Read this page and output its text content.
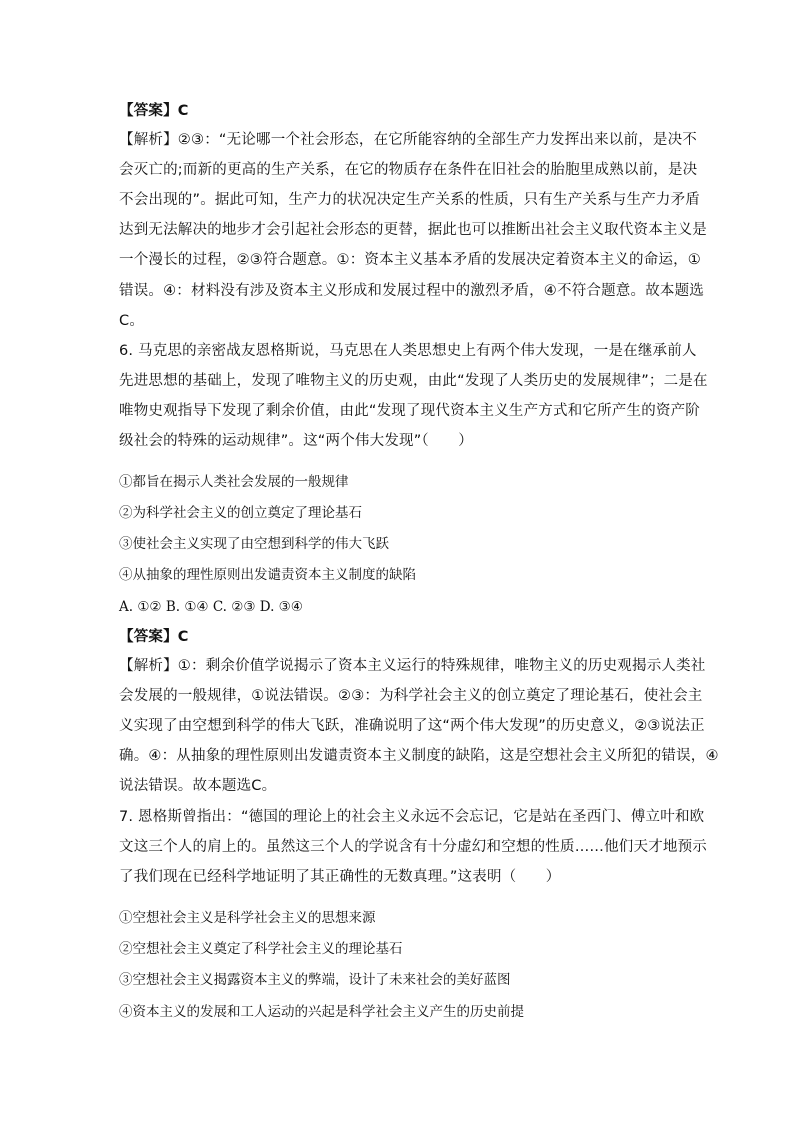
【答案】C
【解析】②③：“无论哪一个社会形态，在它所能容纳的全部生产力发挥出来以前，是决不
会灭亡的;而新的更高的生产关系，在它的物质存在条件在旧社会的胎胞里成熟以前，是决
不会出现的”。据此可知，生产力的状况决定生产关系的性质，只有生产关系与生产力矛盾
达到无法解决的地步才会引起社会形态的更替，据此也可以推断出社会主义取代资本主义是
一个漫长的过程，②③符合题意。①：资本主义基本矛盾的发展决定着资本主义的命运，①
错误。④：材料没有涉及资本主义形成和发展过程中的激烈矛盾，④不符合题意。故本题选
C。
6. 马克思的亲密战友恩格斯说，马克思在人类思想史上有两个伟大发现，一是在继承前人
先进思想的基础上，发现了唯物主义的历史观，由此“发现了人类历史的发展规律”；二是在
唯物史观指导下发现了剩余价值，由此“发现了现代资本主义生产方式和它所产生的资产阶
级社会的特殊的运动规律”。这“两个伟大发现”（　　）
①都旨在揭示人类社会发展的一般规律
②为科学社会主义的创立奠定了理论基石
③使社会主义实现了由空想到科学的伟大飞跃
④从抽象的理性原则出发谴责资本主义制度的缺陷
A. ①② B. ①④ C. ②③ D. ③④
【答案】C
【解析】①：剩余价值学说揭示了资本主义运行的特殊规律，唯物主义的历史观揭示人类社
会发展的一般规律，①说法错误。②③：为科学社会主义的创立奠定了理论基石，使社会主
义实现了由空想到科学的伟大飞跃，准确说明了这“两个伟大发现”的历史意义，②③说法正
确。④：从抽象的理性原则出发谴责资本主义制度的缺陷，这是空想社会主义所犯的错误，④
说法错误。故本题选C。
7. 恩格斯曾指出：“德国的理论上的社会主义永远不会忘记，它是站在圣西门、傅立叶和欧
文这三个人的肩上的。虽然这三个人的学说含有十分虚幻和空想的性质……他们天才地预示
了我们现在已经科学地证明了其正确性的无数真理。”这表明（　　）
①空想社会主义是科学社会主义的思想来源
②空想社会主义奠定了科学社会主义的理论基石
③空想社会主义揭露资本主义的弊端，设计了未来社会的美好蓝图
④资本主义的发展和工人运动的兴起是科学社会主义产生的历史前提
